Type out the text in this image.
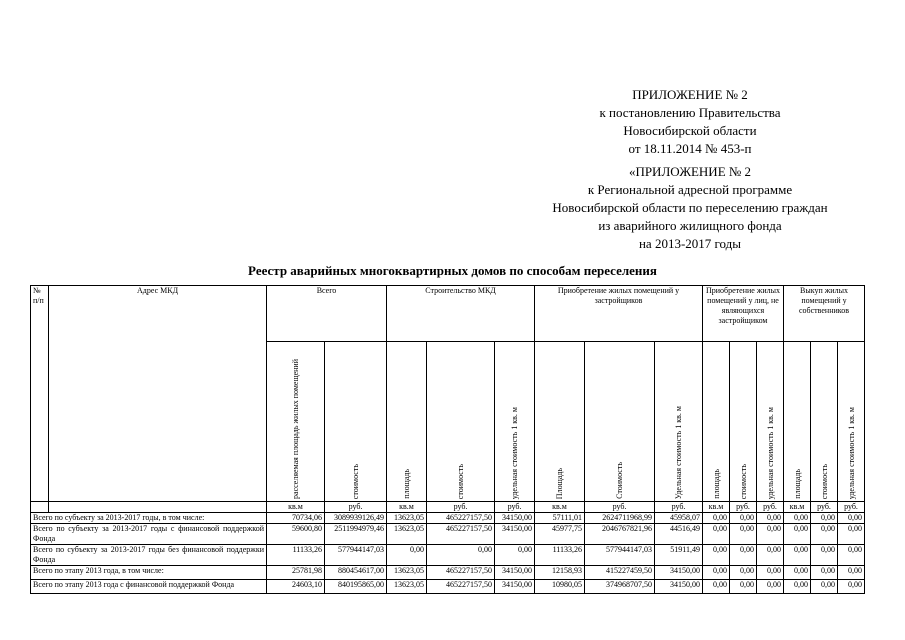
ПРИЛОЖЕНИЕ № 2
к постановлению Правительства
Новосибирской области
от 18.11.2014 № 453-п
«ПРИЛОЖЕНИЕ № 2
к Региональной адресной программе
Новосибирской области по переселению граждан
из аварийного жилищного фонда
на 2013-2017 годы
Реестр аварийных многоквартирных домов по способам переселения
№ п/п	Адрес МКД	Всего		Строительство МКД			Приобретение жилых помещений у застройщиков			Приобретение жилых помещений у лиц, не являющихся застройщиком			Выкуп жилых помещений у собственников		

		расселяемая площадь жилых помещений	стоимость	площадь	стоимость	удельная стоимость 1 кв. м	Площадь	Стоимость	Удельная стоимость 1 кв. м	площадь	стоимость	удельная стоимость 1 кв. м	площадь	стоимость	удельная стоимость 1 кв. м

		кв.м	руб.	кв.м	руб.	руб.	кв.м	руб.	руб.	кв.м	руб.	руб.	кв.м	руб.	руб.
Всего по субъекту за 2013-2017 годы, в том числе:		70734,06	3089939126,49	13623,05	465227157,50	34150,00	57111,01	2624711968,99	45958,07	0,00	0,00	0,00	0,00	0,00	0,00
Всего по субъекту за 2013-2017 годы с финансовой поддержкой Фонда		59600,80	2511994979,46	13623,05	465227157,50	34150,00	45977,75	2046767821,96	44516,49	0,00	0,00	0,00	0,00	0,00	0,00
Всего по субъекту за 2013-2017 годы без финансовой поддержки Фонда		11133,26	577944147,03	0,00	0,00	0,00	11133,26	577944147,03	51911,49	0,00	0,00	0,00	0,00	0,00	0,00
Всего по этапу 2013 года, в том числе:		25781,98	880454617,00	13623,05	465227157,50	34150,00	12158,93	415227459,50	34150,00	0,00	0,00	0,00	0,00	0,00	0,00
Всего по этапу 2013 года с финансовой поддержкой Фонда		24603,10	840195865,00	13623,05	465227157,50	34150,00	10980,05	374968707,50	34150,00	0,00	0,00	0,00	0,00	0,00	0,00
